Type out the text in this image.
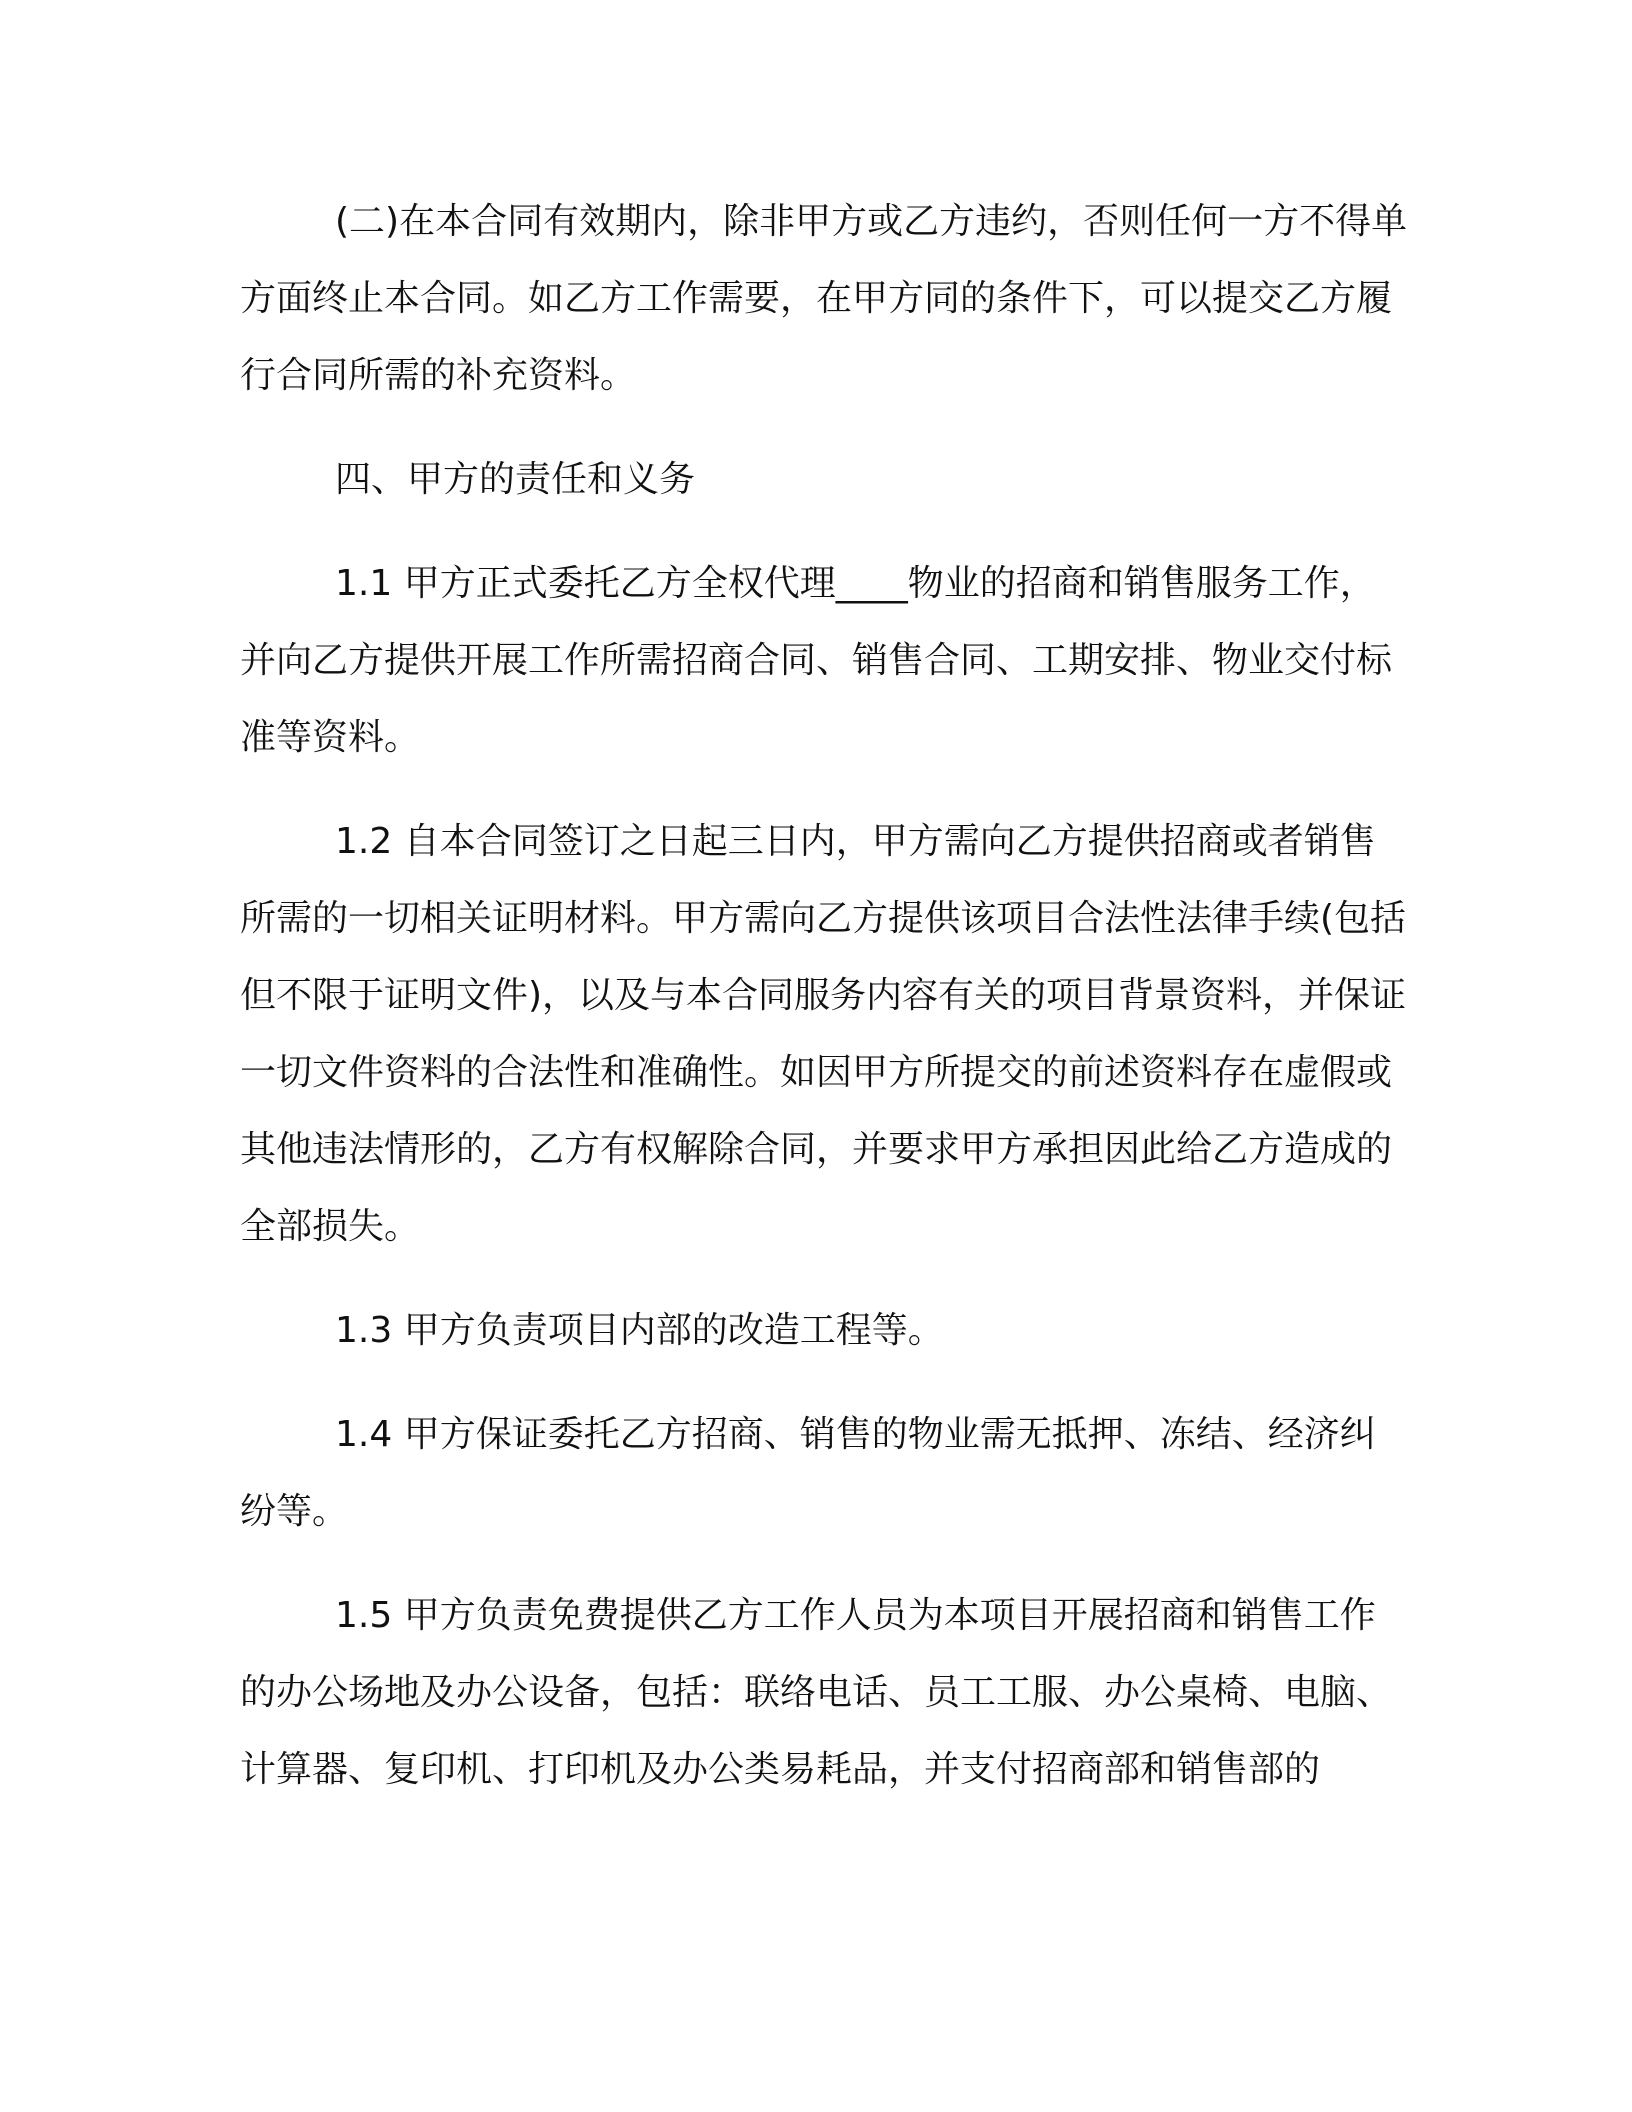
(二)在本合同有效期内，除非甲方或乙方违约，否则任何一方不得单方面终止本合同。如乙方工作需要，在甲方同的条件下，可以提交乙方履行合同所需的补充资料。

四、甲方的责任和义务

1.1 甲方正式委托乙方全权代理____物业的招商和销售服务工作，并向乙方提供开展工作所需招商合同、销售合同、工期安排、物业交付标准等资料。

1.2 自本合同签订之日起三日内，甲方需向乙方提供招商或者销售所需的一切相关证明材料。甲方需向乙方提供该项目合法性法律手续(包括但不限于证明文件)，以及与本合同服务内容有关的项目背景资料，并保证一切文件资料的合法性和准确性。如因甲方所提交的前述资料存在虚假或其他违法情形的，乙方有权解除合同，并要求甲方承担因此给乙方造成的全部损失。

1.3 甲方负责项目内部的改造工程等。

1.4 甲方保证委托乙方招商、销售的物业需无抵押、冻结、经济纠纷等。

1.5 甲方负责免费提供乙方工作人员为本项目开展招商和销售工作的办公场地及办公设备，包括：联络电话、员工工服、办公桌椅、电脑、计算器、复印机、打印机及办公类易耗品，并支付招商部和销售部的
